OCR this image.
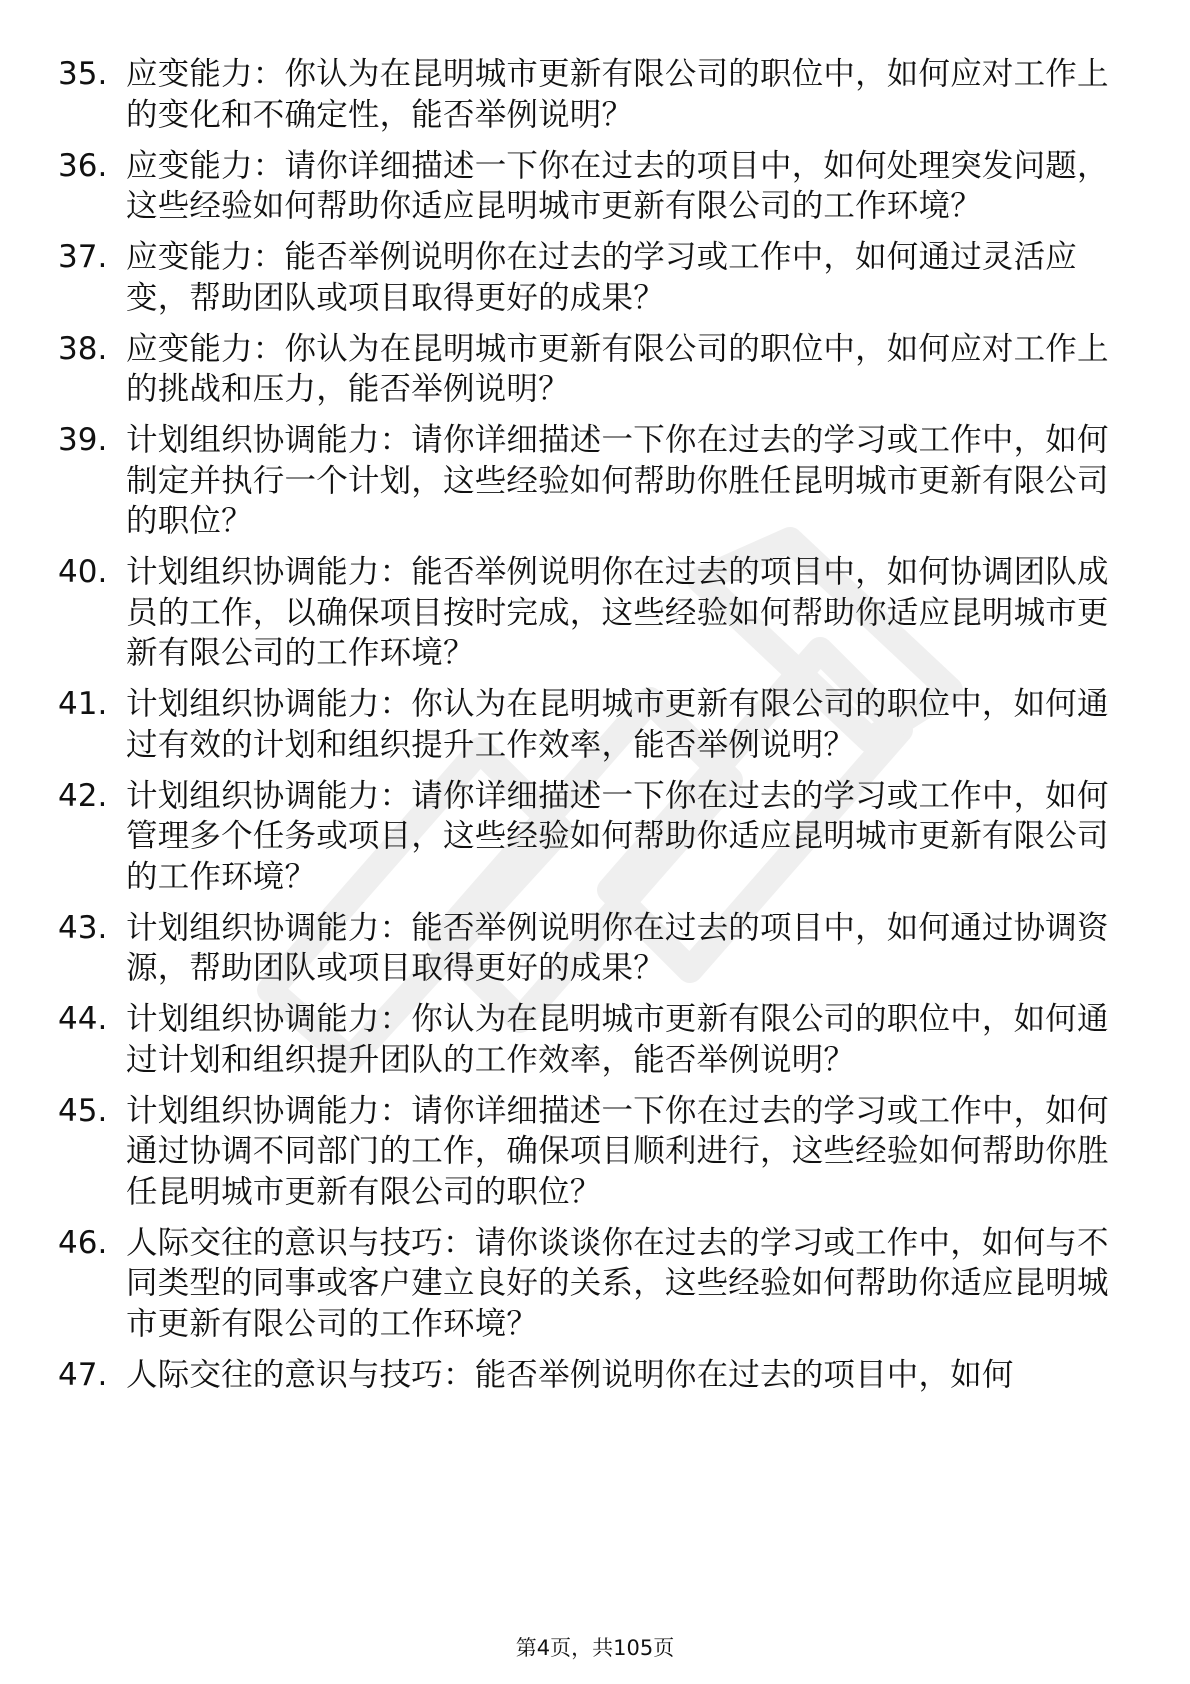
35. 应变能力：你认为在昆明城市更新有限公司的职位中，如何应对工作上的变化和不确定性，能否举例说明？
36. 应变能力：请你详细描述一下你在过去的项目中，如何处理突发问题，这些经验如何帮助你适应昆明城市更新有限公司的工作环境？
37. 应变能力：能否举例说明你在过去的学习或工作中，如何通过灵活应变，帮助团队或项目取得更好的成果？
38. 应变能力：你认为在昆明城市更新有限公司的职位中，如何应对工作上的挑战和压力，能否举例说明？
39. 计划组织协调能力：请你详细描述一下你在过去的学习或工作中，如何制定并执行一个计划，这些经验如何帮助你胜任昆明城市更新有限公司的职位？
40. 计划组织协调能力：能否举例说明你在过去的项目中，如何协调团队成员的工作，以确保项目按时完成，这些经验如何帮助你适应昆明城市更新有限公司的工作环境？
41. 计划组织协调能力：你认为在昆明城市更新有限公司的职位中，如何通过有效的计划和组织提升工作效率，能否举例说明？
42. 计划组织协调能力：请你详细描述一下你在过去的学习或工作中，如何管理多个任务或项目，这些经验如何帮助你适应昆明城市更新有限公司的工作环境？
43. 计划组织协调能力：能否举例说明你在过去的项目中，如何通过协调资源，帮助团队或项目取得更好的成果？
44. 计划组织协调能力：你认为在昆明城市更新有限公司的职位中，如何通过计划和组织提升团队的工作效率，能否举例说明？
45. 计划组织协调能力：请你详细描述一下你在过去的学习或工作中，如何通过协调不同部门的工作，确保项目顺利进行，这些经验如何帮助你胜任昆明城市更新有限公司的职位？
46. 人际交往的意识与技巧：请你谈谈你在过去的学习或工作中，如何与不同类型的同事或客户建立良好的关系，这些经验如何帮助你适应昆明城市更新有限公司的工作环境？
47. 人际交往的意识与技巧：能否举例说明你在过去的项目中，如何
第4页，共105页
